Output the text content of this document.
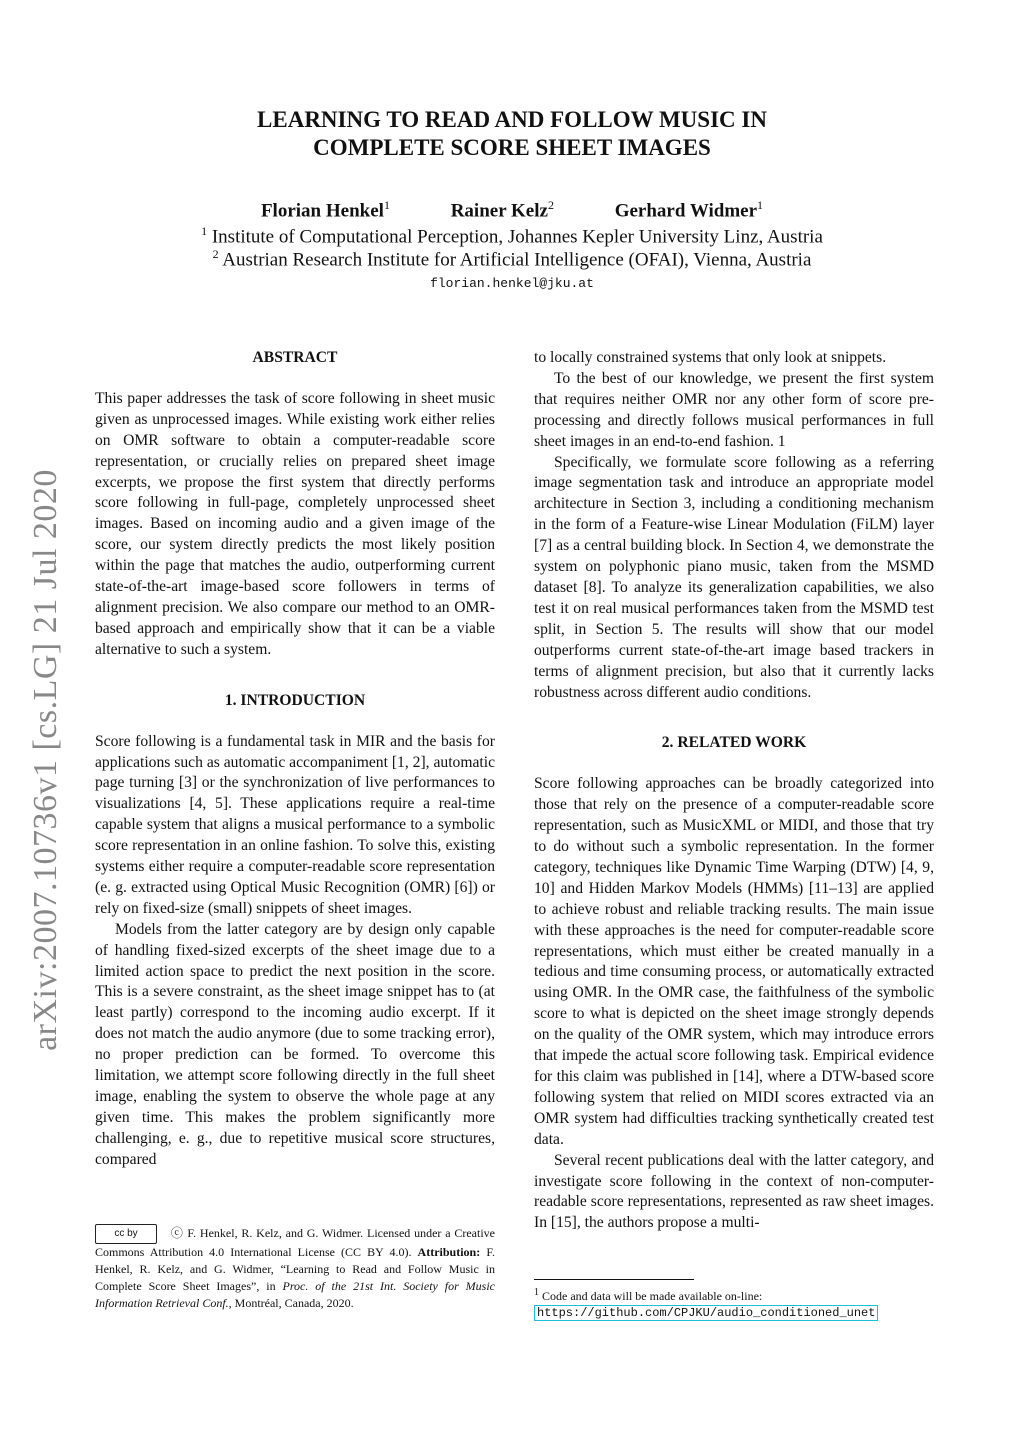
arXiv:2007.10736v1 [cs.LG] 21 Jul 2020
LEARNING TO READ AND FOLLOW MUSIC IN
COMPLETE SCORE SHEET IMAGES
Florian Henkel$^1$	Rainer Kelz$^2$	Gerhard Widmer$^1$
$^1$ Institute of Computational Perception, Johannes Kepler University Linz, Austria
$^2$ Austrian Research Institute for Artificial Intelligence (OFAI), Vienna, Austria
florian.henkel@jku.at
ABSTRACT

This paper addresses the task of score following in sheet music given as unprocessed images. While existing work either relies on OMR software to obtain a computer-readable score representation, or crucially relies on prepared sheet image excerpts, we propose the first system that directly performs score following in full-page, completely unprocessed sheet images. Based on incoming audio and a given image of the score, our system directly predicts the most likely position within the page that matches the audio, outperforming current state-of-the-art image-based score followers in terms of alignment precision. We also compare our method to an OMR-based approach and empirically show that it can be a viable alternative to such a system.

1. INTRODUCTION

Score following is a fundamental task in MIR and the basis for applications such as automatic accompaniment [1, 2], automatic page turning [3] or the synchronization of live performances to visualizations [4, 5]. These applications require a real-time capable system that aligns a musical performance to a symbolic score representation in an online fashion. To solve this, existing systems either require a computer-readable score representation (e. g. extracted using Optical Music Recognition (OMR) [6]) or rely on fixed-size (small) snippets of sheet images.

Models from the latter category are by design only capable of handling fixed-sized excerpts of the sheet image due to a limited action space to predict the next position in the score. This is a severe constraint, as the sheet image snippet has to (at least partly) correspond to the incoming audio excerpt. If it does not match the audio anymore (due to some tracking error), no proper prediction can be formed. To overcome this limitation, we attempt score following directly in the full sheet image, enabling the system to observe the whole page at any given time. This makes the problem significantly more challenging, e. g., due to repetitive musical score structures, compared

cc by	ⓒ F. Henkel, R. Kelz, and G. Widmer. Licensed under a Creative Commons Attribution 4.0 International License (CC BY 4.0). Attribution: F. Henkel, R. Kelz, and G. Widmer, “Learning to Read and Follow Music in Complete Score Sheet Images”, in Proc. of the 21st Int. Society for Music Information Retrieval Conf., Montréal, Canada, 2020.

to locally constrained systems that only look at snippets.

To the best of our knowledge, we present the first system that requires neither OMR nor any other form of score pre-processing and directly follows musical performances in full sheet images in an end-to-end fashion. 1

Specifically, we formulate score following as a referring image segmentation task and introduce an appropriate model architecture in Section 3, including a conditioning mechanism in the form of a Feature-wise Linear Modulation (FiLM) layer [7] as a central building block. In Section 4, we demonstrate the system on polyphonic piano music, taken from the MSMD dataset [8]. To analyze its generalization capabilities, we also test it on real musical performances taken from the MSMD test split, in Section 5. The results will show that our model outperforms current state-of-the-art image based trackers in terms of alignment precision, but also that it currently lacks robustness across different audio conditions.

2. RELATED WORK

Score following approaches can be broadly categorized into those that rely on the presence of a computer-readable score representation, such as MusicXML or MIDI, and those that try to do without such a symbolic representation. In the former category, techniques like Dynamic Time Warping (DTW) [4, 9, 10] and Hidden Markov Models (HMMs) [11–13] are applied to achieve robust and reliable tracking results. The main issue with these approaches is the need for computer-readable score representations, which must either be created manually in a tedious and time consuming process, or automatically extracted using OMR. In the OMR case, the faithfulness of the symbolic score to what is depicted on the sheet image strongly depends on the quality of the OMR system, which may introduce errors that impede the actual score following task. Empirical evidence for this claim was published in [14], where a DTW-based score following system that relied on MIDI scores extracted via an OMR system had difficulties tracking synthetically created test data.

Several recent publications deal with the latter category, and investigate score following in the context of non-computer-readable score representations, represented as raw sheet images. In [15], the authors propose a multi-

$^1$ Code and data will be made available on-line: https://github.com/CPJKU/audio_conditioned_unet
